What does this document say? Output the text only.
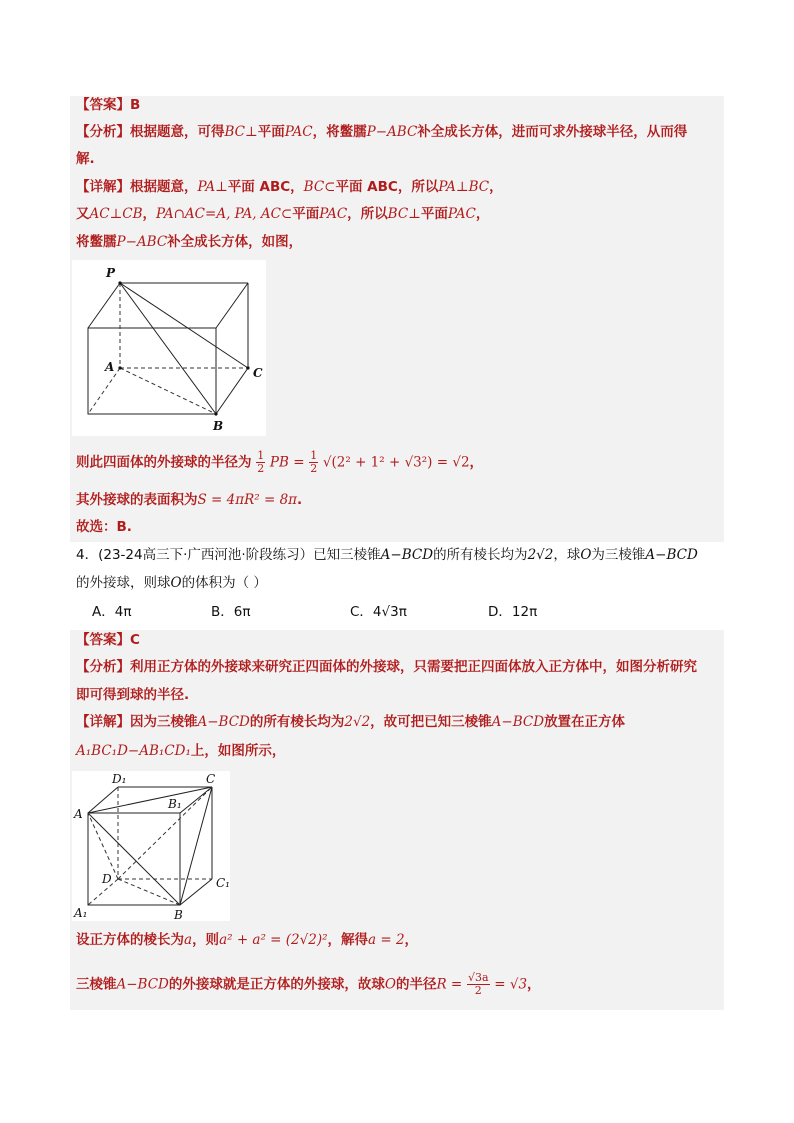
【答案】B
【分析】根据题意，可得BC⊥平面PAC，将鳖臑P−ABC补全成长方体，进而可求外接球半径，从而得
解.
【详解】根据题意，PA⊥平面 ABC，BC⊂平面 ABC，所以PA⊥BC，
又AC⊥CB，PA∩AC=A, PA, AC⊂平面PAC，所以BC⊥平面PAC，
将鳖臑P−ABC补全成长方体，如图，
P
A	C
B
则此四面体的外接球的半径为 $\frac{1}{2}$ PB = $\frac{1}{2} √(2^2 + 1^2 + √3^2) = √2$，
其外接球的表面积为S = 4πR² = 8π.
故选：B.
4．(23-24高三下·广西河池·阶段练习）已知三棱锥A−BCD的所有棱长均为2√2，球O为三棱锥A−BCD
的外接球，则球O的体积为（ ）
A．4π	B．6π	C．4√3π	D．12π
【答案】C
【分析】利用正方体的外接球来研究正四面体的外接球，只需要把正四面体放入正方体中，如图分析研究
即可得到球的半径.
【详解】因为三棱锥A−BCD的所有棱长均为2√2，故可把已知三棱锥A−BCD放置在正方体
A₁BC₁D−AB₁CD₁上，如图所示，
D₁	C
B₁
A
D	C₁
A₁	B
设正方体的棱长为a，则a² + a² = (2√2)²，解得a = 2，
三棱锥A−BCD的外接球就是正方体的外接球，故球O的半径$R = \frac{√3a}{2} = √3$，
